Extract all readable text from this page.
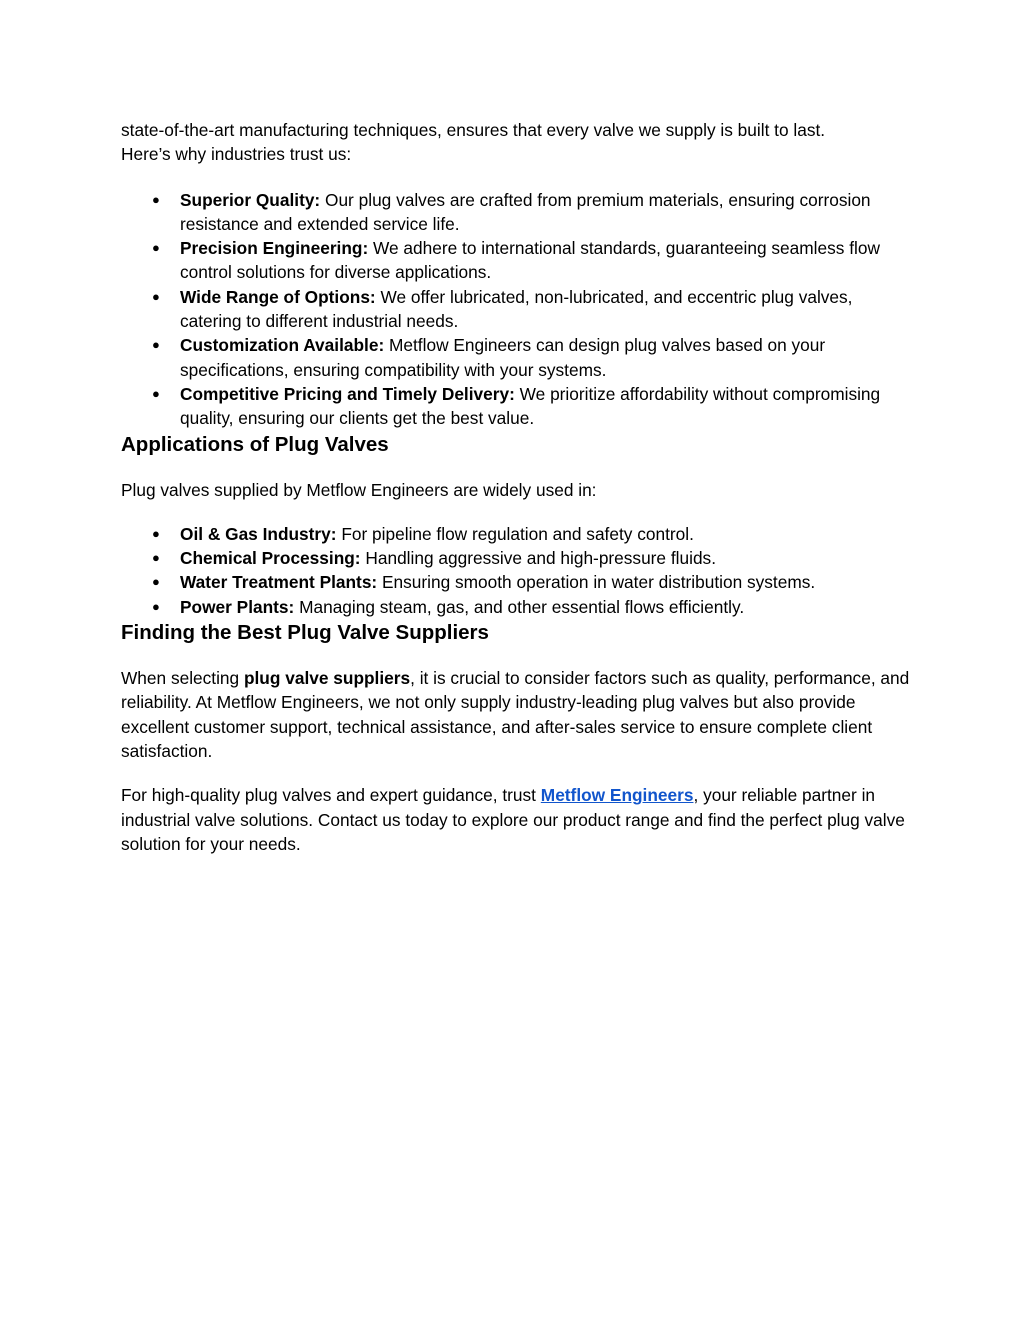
state-of-the-art manufacturing techniques, ensures that every valve we supply is built to last.
Here’s why industries trust us:

● Superior Quality: Our plug valves are crafted from premium materials, ensuring corrosion resistance and extended service life.
● Precision Engineering: We adhere to international standards, guaranteeing seamless flow control solutions for diverse applications.
● Wide Range of Options: We offer lubricated, non-lubricated, and eccentric plug valves, catering to different industrial needs.
● Customization Available: Metflow Engineers can design plug valves based on your specifications, ensuring compatibility with your systems.
● Competitive Pricing and Timely Delivery: We prioritize affordability without compromising quality, ensuring our clients get the best value.
Applications of Plug Valves

Plug valves supplied by Metflow Engineers are widely used in:

● Oil & Gas Industry: For pipeline flow regulation and safety control.
● Chemical Processing: Handling aggressive and high-pressure fluids.
● Water Treatment Plants: Ensuring smooth operation in water distribution systems.
● Power Plants: Managing steam, gas, and other essential flows efficiently.
Finding the Best Plug Valve Suppliers

When selecting plug valve suppliers, it is crucial to consider factors such as quality, performance, and reliability. At Metflow Engineers, we not only supply industry-leading plug valves but also provide excellent customer support, technical assistance, and after-sales service to ensure complete client satisfaction.

For high-quality plug valves and expert guidance, trust Metflow Engineers, your reliable partner in industrial valve solutions. Contact us today to explore our product range and find the perfect plug valve solution for your needs.
